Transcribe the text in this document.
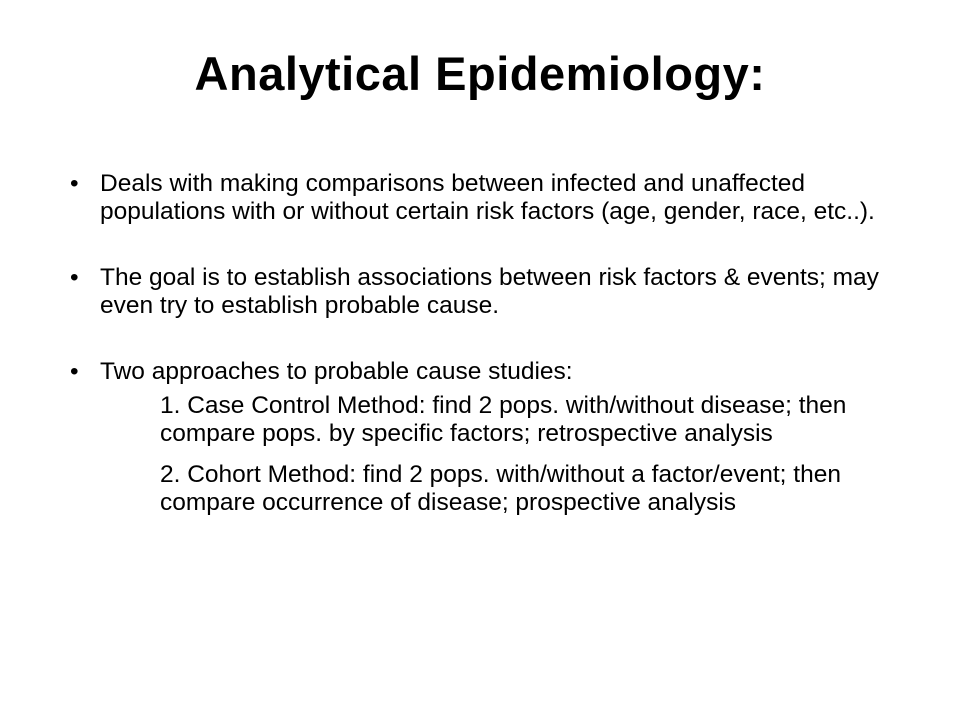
Analytical Epidemiology:
• Deals with making comparisons between infected and unaffected populations with or without certain risk factors (age, gender, race, etc..).
• The goal is to establish associations between risk factors & events; may even try to establish probable cause.
• Two approaches to probable cause studies:

1. Case Control Method: find 2 pops. with/without disease; then compare pops. by specific factors; retrospective analysis

2. Cohort Method: find 2 pops. with/without a factor/event; then compare occurrence of disease; prospective analysis
